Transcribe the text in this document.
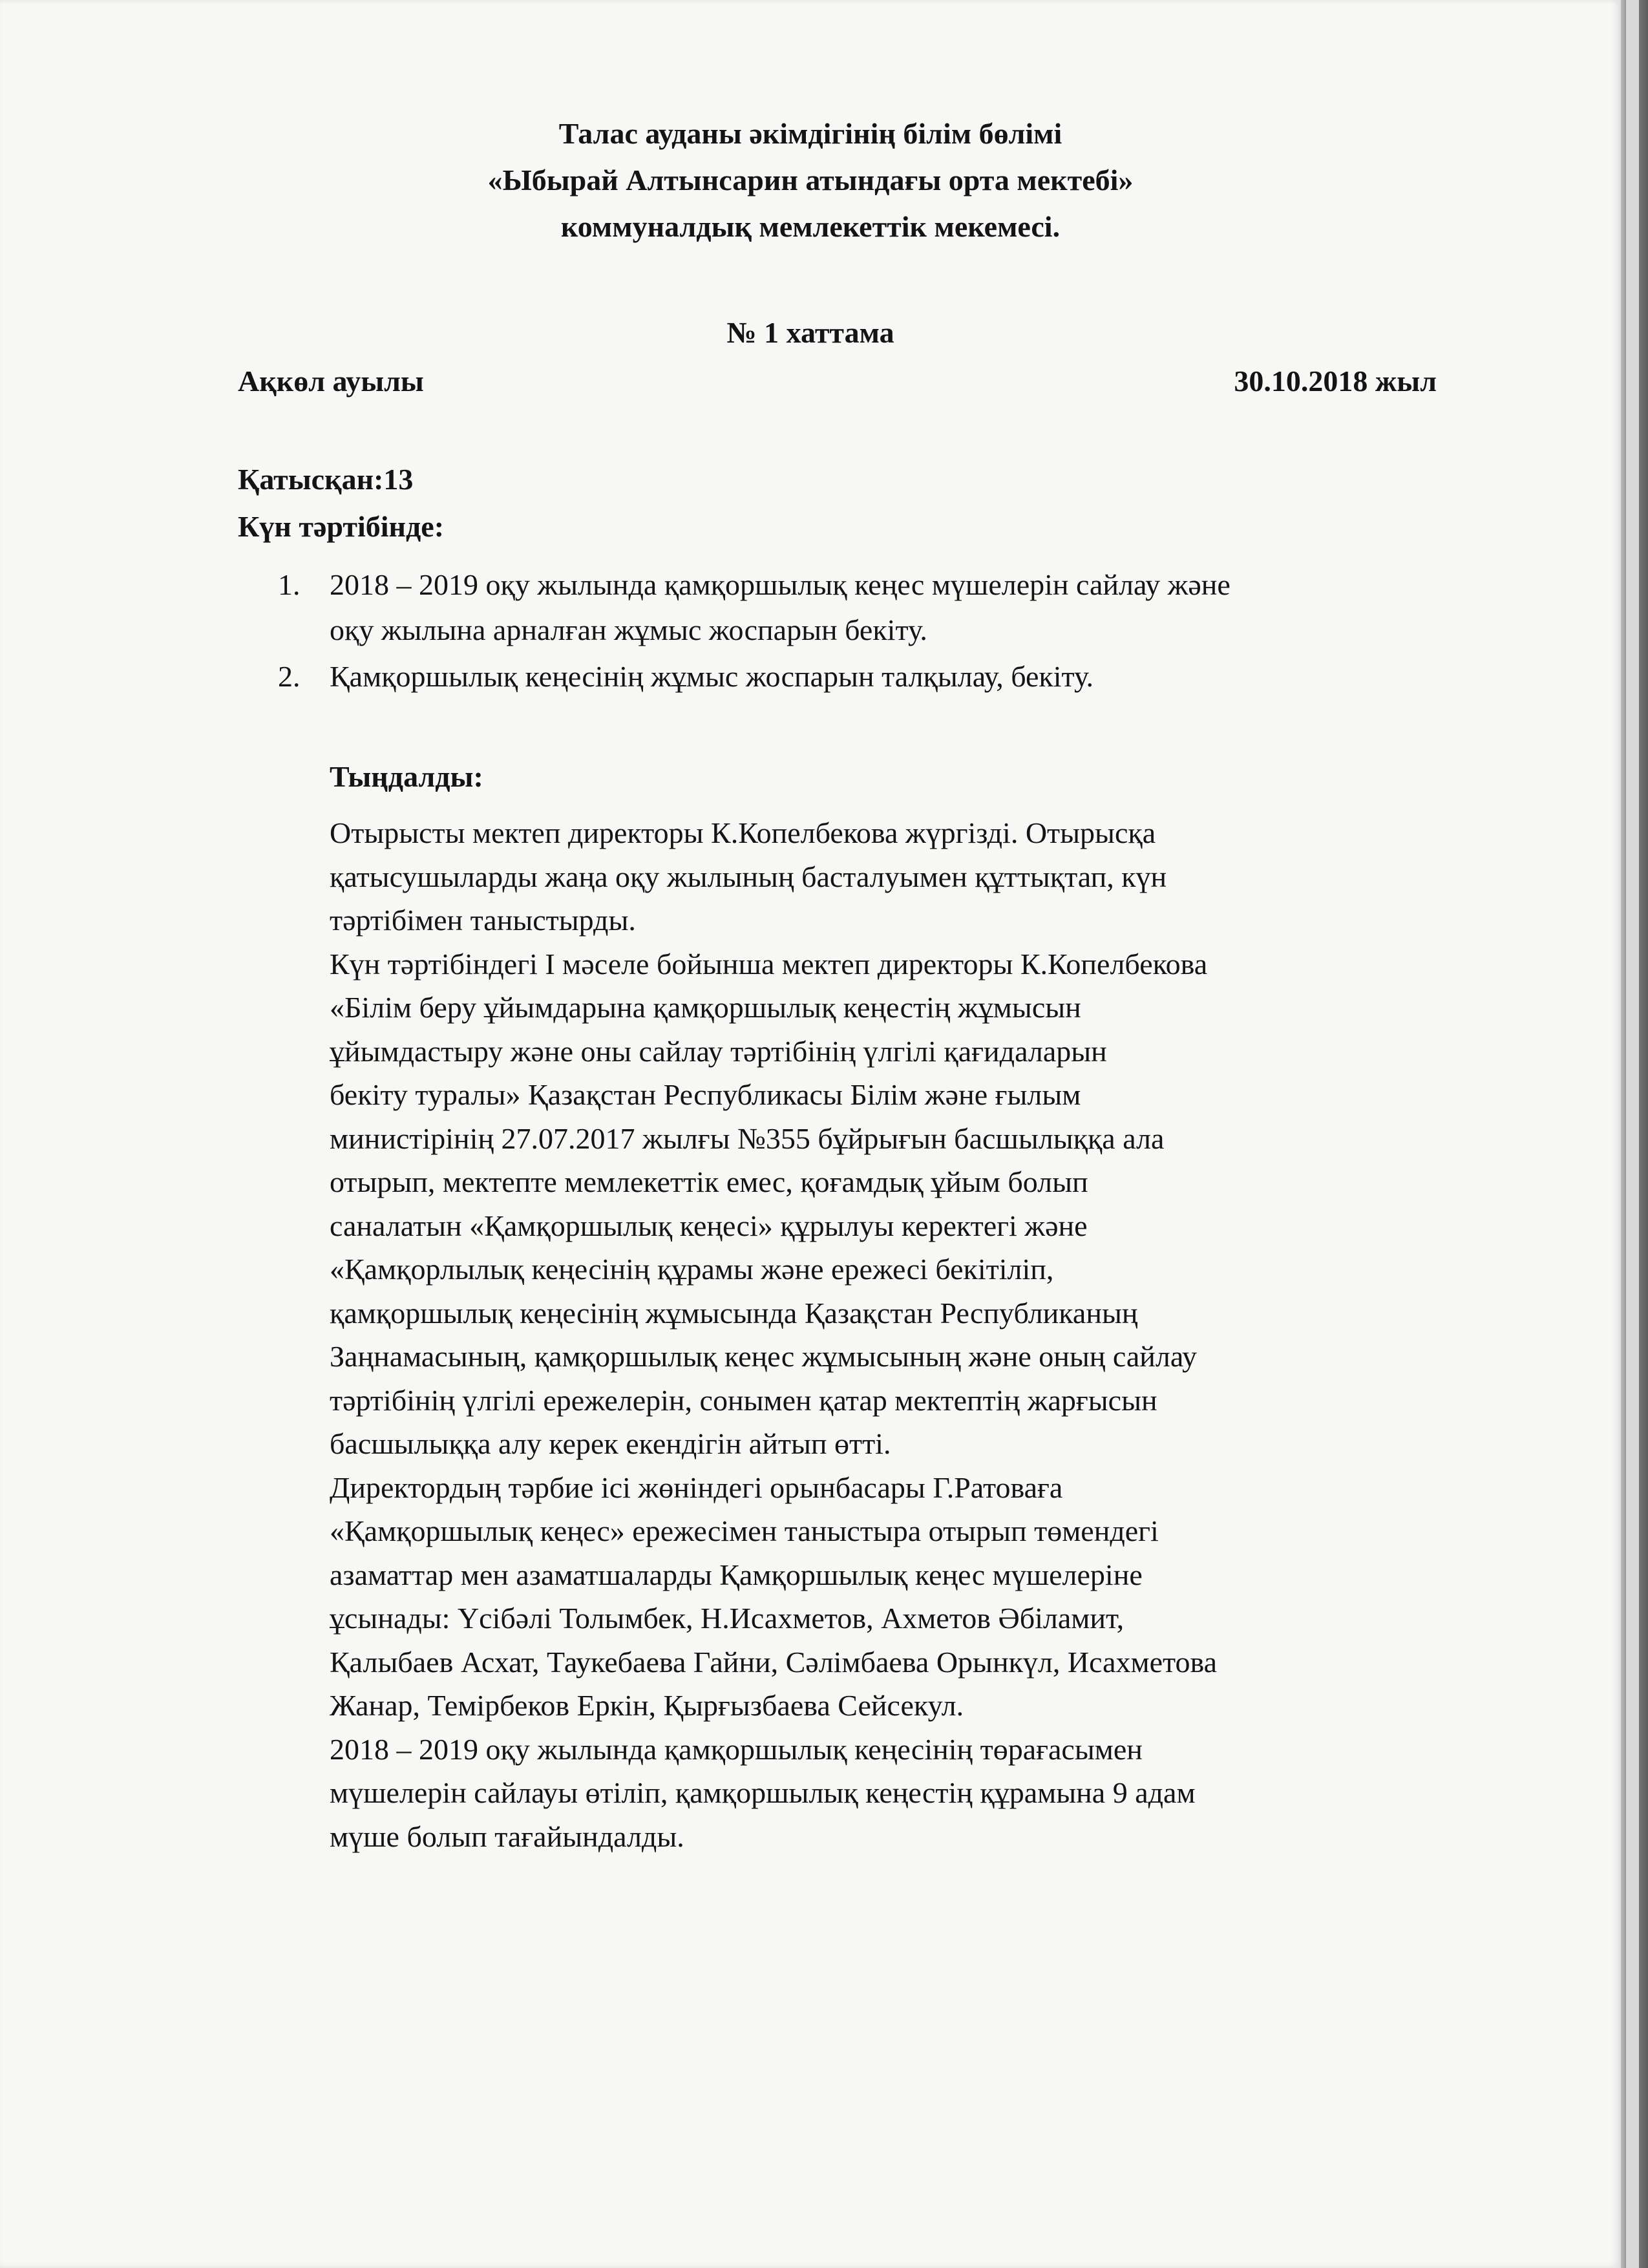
Талас ауданы әкімдігінің білім бөлімі
«Ыбырай Алтынсарин атындағы орта мектебі»
коммуналдық мемлекеттік мекемесі.
№ 1 хаттама
Ақкөл ауылы	30.10.2018 жыл
Қатысқан:13
Күн тәртібінде:
1. 2018 – 2019 оқу жылында қамқоршылық кеңес мүшелерін сайлау және
оқу жылына арналған жұмыс жоспарын бекіту.
2. Қамқоршылық кеңесінің жұмыс жоспарын талқылау, бекіту.
Тыңдалды:
Отырысты мектеп директоры К.Копелбекова жүргізді. Отырысқа
қатысушыларды жаңа оқу жылының басталуымен құттықтап, күн
тәртібімен таныстырды.
Күн тәртібіндегі І мәселе бойынша мектеп директоры К.Копелбекова
«Білім беру ұйымдарына қамқоршылық кеңестің жұмысын
ұйымдастыру және оны сайлау тәртібінің үлгілі қағидаларын
бекіту туралы» Қазақстан Республикасы Білім және ғылым
министірінің 27.07.2017 жылғы №355 бұйрығын басшылыққа ала
отырып, мектепте мемлекеттік емес, қоғамдық ұйым болып
саналатын «Қамқоршылық кеңесі» құрылуы керектегі және
«Қамқорлылық кеңесінің құрамы және ережесі бекітіліп,
қамқоршылық кеңесінің жұмысында Қазақстан Республиканың
Заңнамасының, қамқоршылық кеңес жұмысының және оның сайлау
тәртібінің үлгілі ережелерін, сонымен қатар мектептің жарғысын
басшылыққа алу керек екендігін айтып өтті.
Директордың тәрбие ісі жөніндегі орынбасары Г.Ратоваға
«Қамқоршылық кеңес» ережесімен таныстыра отырып төмендегі
азаматтар мен азаматшаларды Қамқоршылық кеңес мүшелеріне
ұсынады: Үсібәлі Толымбек, Н.Исахметов, Ахметов Әбіламит,
Қалыбаев Асхат, Таукебаева Гайни, Сәлімбаева Орынкүл, Исахметова
Жанар, Темірбеков Еркін, Қырғызбаева Сейсекул.
2018 – 2019 оқу жылында қамқоршылық кеңесінің төрағасымен
мүшелерін сайлауы өтіліп, қамқоршылық кеңестің құрамына 9 адам
мүше болып тағайындалды.
